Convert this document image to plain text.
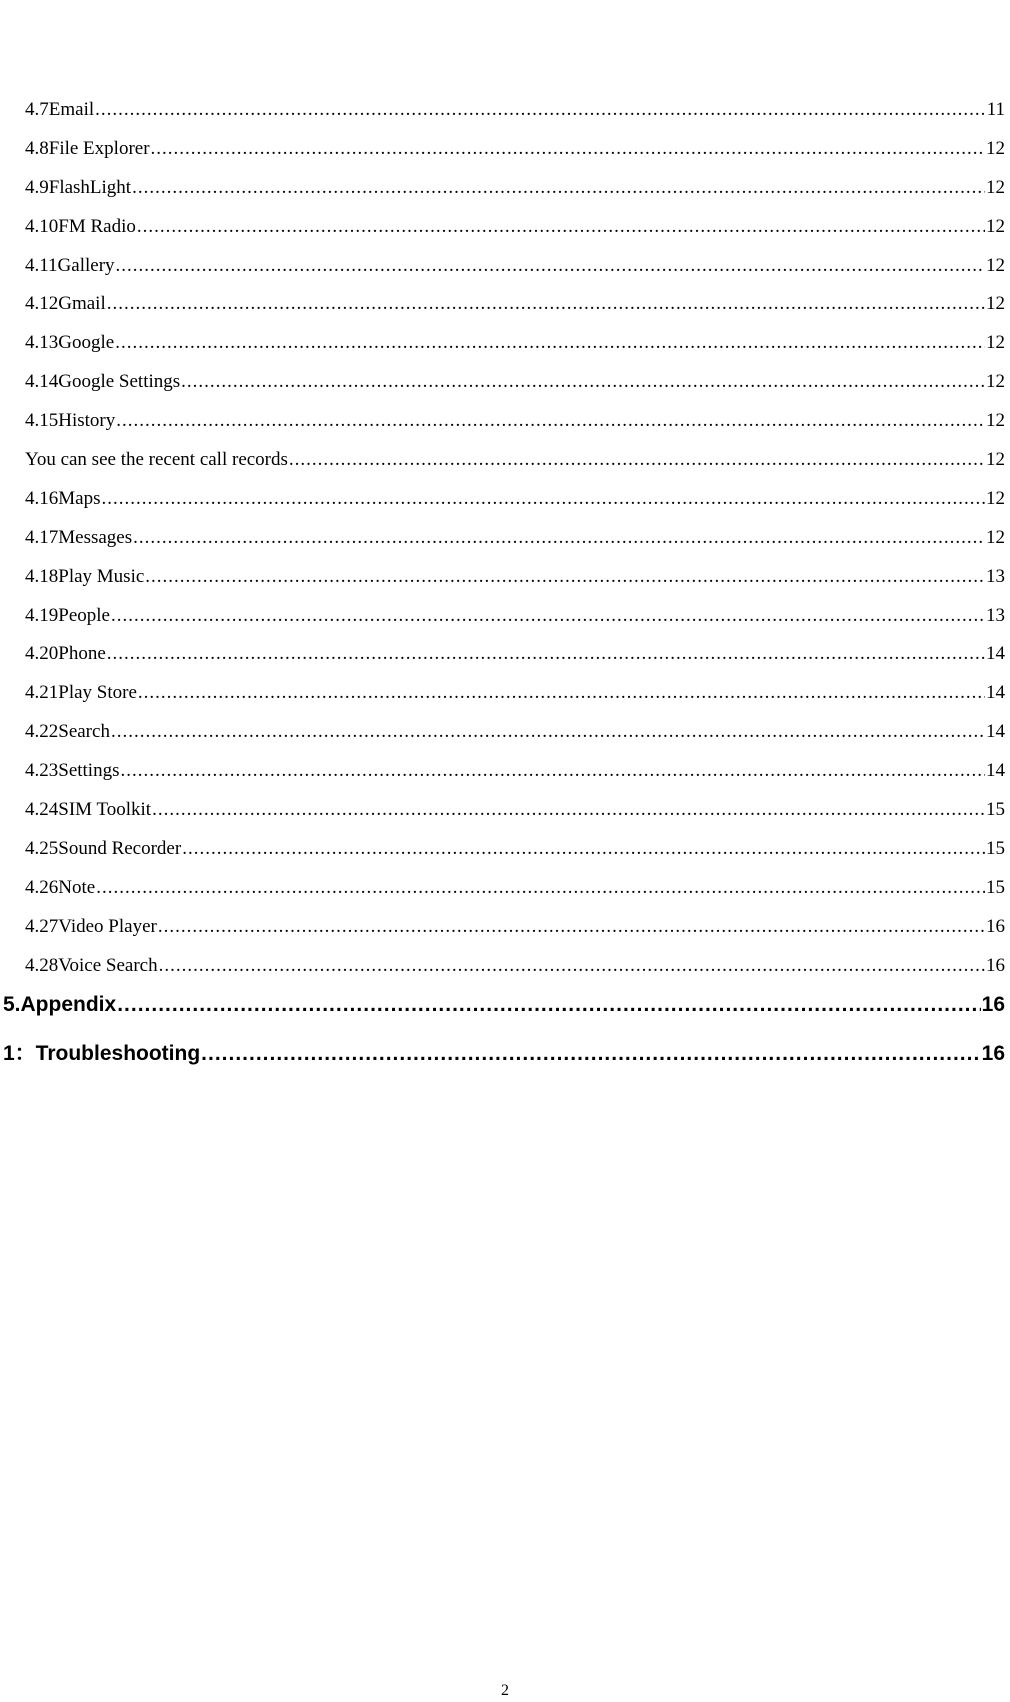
4.7Email .....	11
4.8File Explorer .....	12
4.9FlashLight .....	12
4.10FM Radio .....	12
4.11Gallery .....	12
4.12Gmail .....	12
4.13Google .....	12
4.14Google Settings .....	12
4.15History .....	12
You can see the recent call records .....	12
4.16Maps .....	12
4.17Messages .....	12
4.18Play Music .....	13
4.19People .....	13
4.20Phone .....	14
4.21Play Store .....	14
4.22Search .....	14
4.23Settings .....	14
4.24SIM Toolkit .....	15
4.25Sound Recorder .....	15
4.26Note .....	15
4.27Video Player .....	16
4.28Voice Search .....	16
5.Appendix .....	16
1：Troubleshooting .....	16
2
